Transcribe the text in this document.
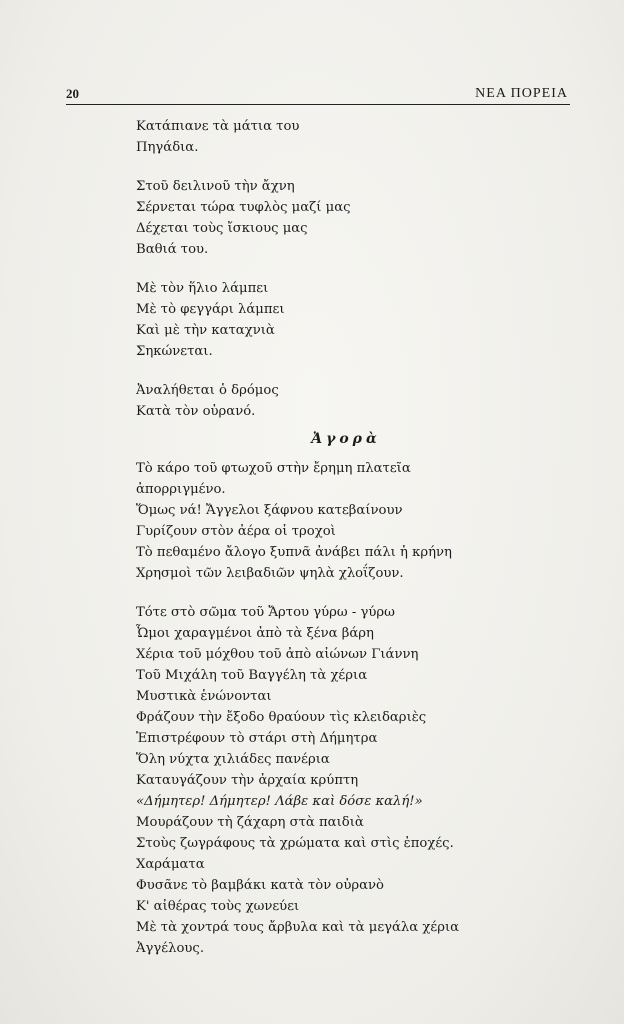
20	ΝΕΑ ΠΟΡΕΙΑ
Κατάπιανε τὰ μάτια του
Πηγάδια.
Στοῦ δειλινοῦ τὴν ἄχνη
Σέρνεται τώρα τυφλὸς μαζί μας
Δέχεται τοὺς ἴσκιους μας
Βαθιά του.
Μὲ τὸν ἥλιο λάμπει
Μὲ τὸ φεγγάρι λάμπει
Καὶ μὲ τὴν καταχνιὰ
Σηκώνεται.
Ἀναλήθεται ὁ δρόμος
Κατὰ τὸν οὐρανό.
Ἀγορὰ
Τὸ κάρο τοῦ φτωχοῦ στὴν ἔρημη πλατεῖα
ἀπορριγμένο.
Ὅμως νά! Ἄγγελοι ξάφνου κατεβαίνουν
Γυρίζουν στὸν ἀέρα οἱ τροχοὶ
Τὸ πεθαμένο ἄλογο ξυπνᾶ ἀνάβει πάλι ἡ κρήνη
Χρησμοὶ τῶν λειβαδιῶν ψηλὰ χλοΐζουν.
Τότε στὸ σῶμα τοῦ Ἄρτου γύρω - γύρω
Ὦμοι χαραγμένοι ἀπὸ τὰ ξένα βάρη
Χέρια τοῦ μόχθου τοῦ ἀπὸ αἰώνων Γιάννη
Τοῦ Μιχάλη τοῦ Βαγγέλη τὰ χέρια
Μυστικὰ ἑνώνονται
Φράζουν τὴν ἔξοδο θραύουν τὶς κλειδαριὲς
Ἐπιστρέφουν τὸ στάρι στὴ Δήμητρα
Ὅλη νύχτα χιλιάδες πανέρια
Καταυγάζουν τὴν ἀρχαία κρύπτη
«Δήμητερ! Δήμητερ! Λάβε καὶ δόσε καλή!»
Μουράζουν τὴ ζάχαρη στὰ παιδιὰ
Στοὺς ζωγράφους τὰ χρώματα καὶ στὶς ἐποχές.
Χαράματα
Φυσᾶνε τὸ βαμβάκι κατὰ τὸν οὐρανὸ
Κ' αἰθέρας τοὺς χωνεύει
Μὲ τὰ χοντρά τους ἄρβυλα καὶ τὰ μεγάλα χέρια
Ἀγγέλους.
